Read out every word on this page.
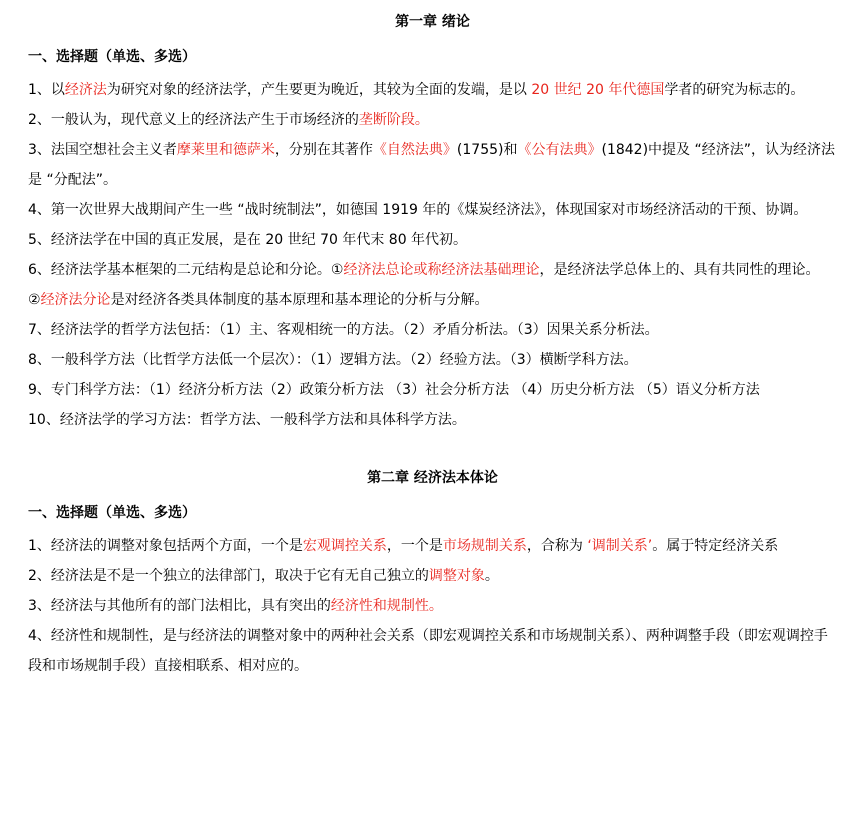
第一章 绪论
一、选择题（单选、多选）

1、以经济法为研究对象的经济法学，产生要更为晚近，其较为全面的发端，是以 20 世纪 20 年代德国学者的研究为标志的。

2、一般认为，现代意义上的经济法产生于市场经济的垄断阶段。

3、法国空想社会主义者摩莱里和德萨米，分别在其著作《自然法典》(1755)和《公有法典》(1842)中提及 “经济法”，认为经济法是 “分配法”。

4、第一次世界大战期间产生一些 “战时统制法”，如德国 1919 年的《煤炭经济法》，体现国家对市场经济活动的干预、协调。

5、经济法学在中国的真正发展，是在 20 世纪 70 年代末 80 年代初。

6、经济法学基本框架的二元结构是总论和分论。①经济法总论或称经济法基础理论，是经济法学总体上的、具有共同性的理论。

②经济法分论是对经济各类具体制度的基本原理和基本理论的分析与分解。

7、经济法学的哲学方法包括：（1）主、客观相统一的方法。（2）矛盾分析法。（3）因果关系分析法。

8、一般科学方法（比哲学方法低一个层次）：（1）逻辑方法。（2）经验方法。（3）横断学科方法。

9、专门科学方法：（1）经济分析方法（2）政策分析方法 （3）社会分析方法 （4）历史分析方法 （5）语义分析方法

10、经济法学的学习方法：哲学方法、一般科学方法和具体科学方法。

第二章 经济法本体论
一、选择题（单选、多选）

1、经济法的调整对象包括两个方面，一个是宏观调控关系，一个是市场规制关系，合称为 ‘调制关系’。属于特定经济关系

2、经济法是不是一个独立的法律部门，取决于它有无自己独立的调整对象。

3、经济法与其他所有的部门法相比，具有突出的经济性和规制性。

4、经济性和规制性，是与经济法的调整对象中的两种社会关系（即宏观调控关系和市场规制关系）、两种调整手段（即宏观调控手段和市场规制手段）直接相联系、相对应的。
